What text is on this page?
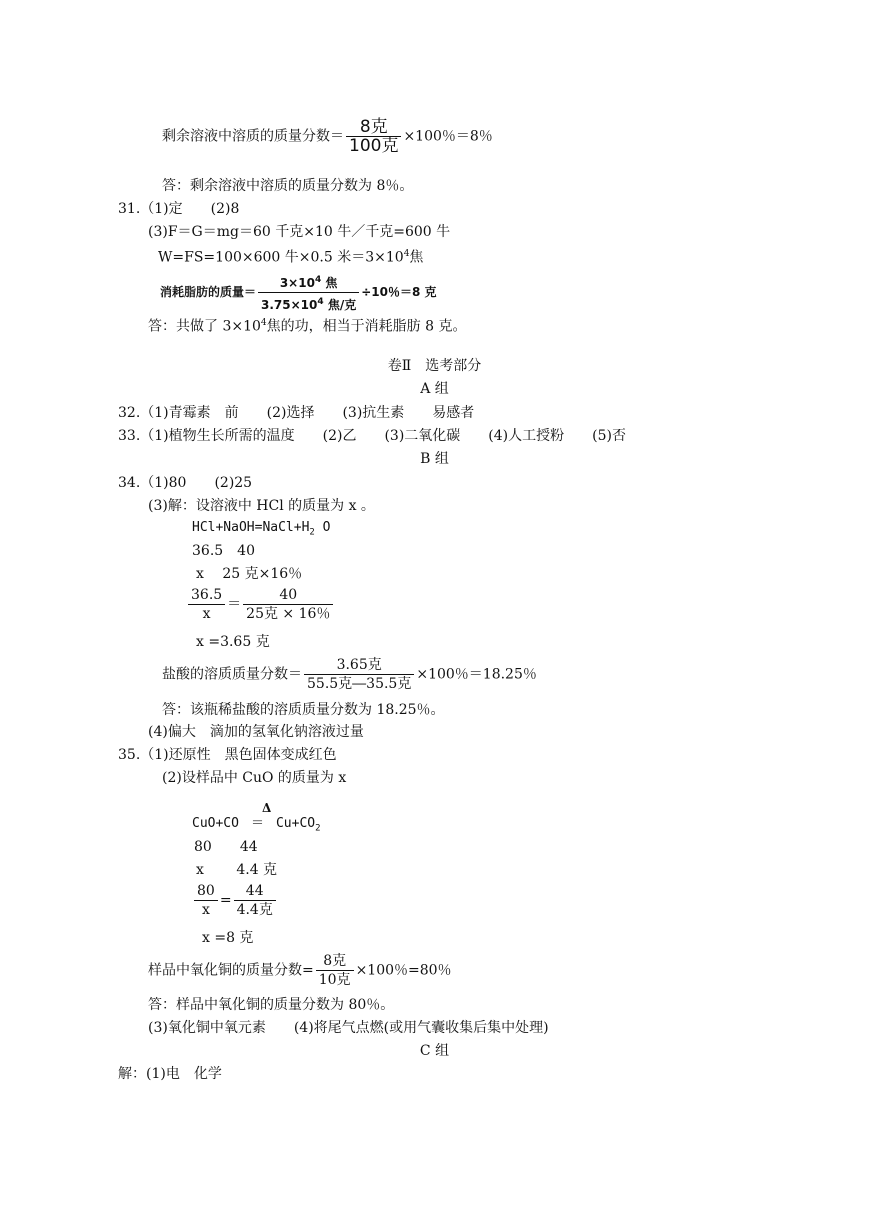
剩余溶液中溶质的质量分数＝ $\frac{\text{8克}}{\text{100克}} \times 100$％＝8％
答：剩余溶液中溶质的质量分数为 8％。
31.（1)定　　(2)8
(3)F＝G＝mg＝60 千克×10 牛／千克=600 牛
W=FS=100×600 牛×0.5 米$=3\times 10^4$焦
消耗脂肪的质量＝ $\frac{3\times 10^4 焦}{3.75\times 10^4 焦/克} \div 10$％＝8 克
答：共做了 $3\times 10^4$焦的功，相当于消耗脂肪 8 克。
卷Ⅱ　选考部分
A 组
32.（1)青霉素　前　　(2)选择　　(3)抗生素　　易感者
33.（1)植物生长所需的温度　　(2)乙　　(3)二氧化碳　　(4)人工授粉　　(5)否
B 组
34.（1)80　　(2)25
(3)解：设溶液中 HCl 的质量为 x 。
$HCl+NaOH=NaCl+H_2$ O
36.5　40
x　 25 克×16％
$\frac{36.5}{x} = \frac{40}{\text{25克 × 16％}}$
x =3.65 克
盐酸的溶质质量分数＝ $\frac{\text{3.65克}}{\text{55.5克―35.5克}} \times 100$％＝18.25％
答：该瓶稀盐酸的溶质质量分数为 18.25％。
(4)偏大　滴加的氢氧化钠溶液过量
35.（1)还原性　黑色固体变成红色
(2)设样品中 CuO 的质量为 x
Δ
$CuO+CO = Cu+CO_2$
80　　44
x　　 4.4 克
$\frac{80}{x} = \frac{44}{\text{4.4克}}$
x =8 克
样品中氧化铜的质量分数= $\frac{\text{8克}}{\text{10克}} \times 100$％=80％
答：样品中氧化铜的质量分数为 80％。
(3)氧化铜中氧元素　　(4)将尾气点燃(或用气囊收集后集中处理)
C 组
解：(1)电　化学
